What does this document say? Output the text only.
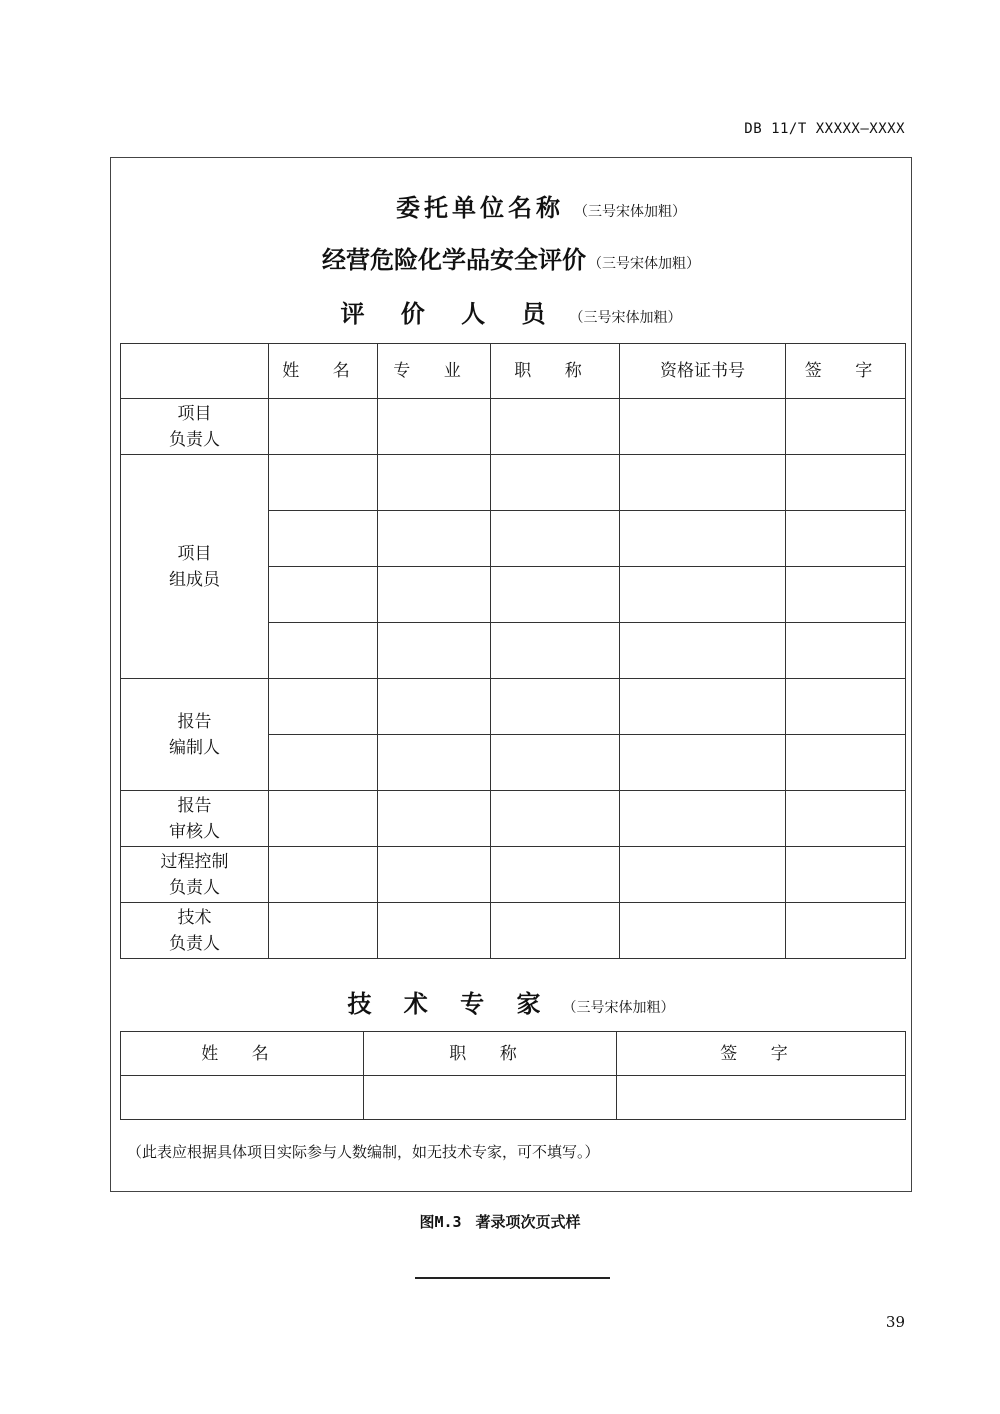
DB 11/T XXXXX—XXXX
委托单位名称 （三号宋体加粗）
经营危险化学品安全评价 （三号宋体加粗）
评 价 人 员 （三号宋体加粗）
	姓 名	专 业	职 称	资格证书号	签 字

项目
负责人					

项目
组成员					

报告
编制人					

报告
审核人					

过程控制
负责人					

技术
负责人					

技 术 专 家 （三号宋体加粗）
姓 名	职 称	签 字

（此表应根据具体项目实际参与人数编制，如无技术专家，可不填写。）
图M.3 著录项次页式样
39
